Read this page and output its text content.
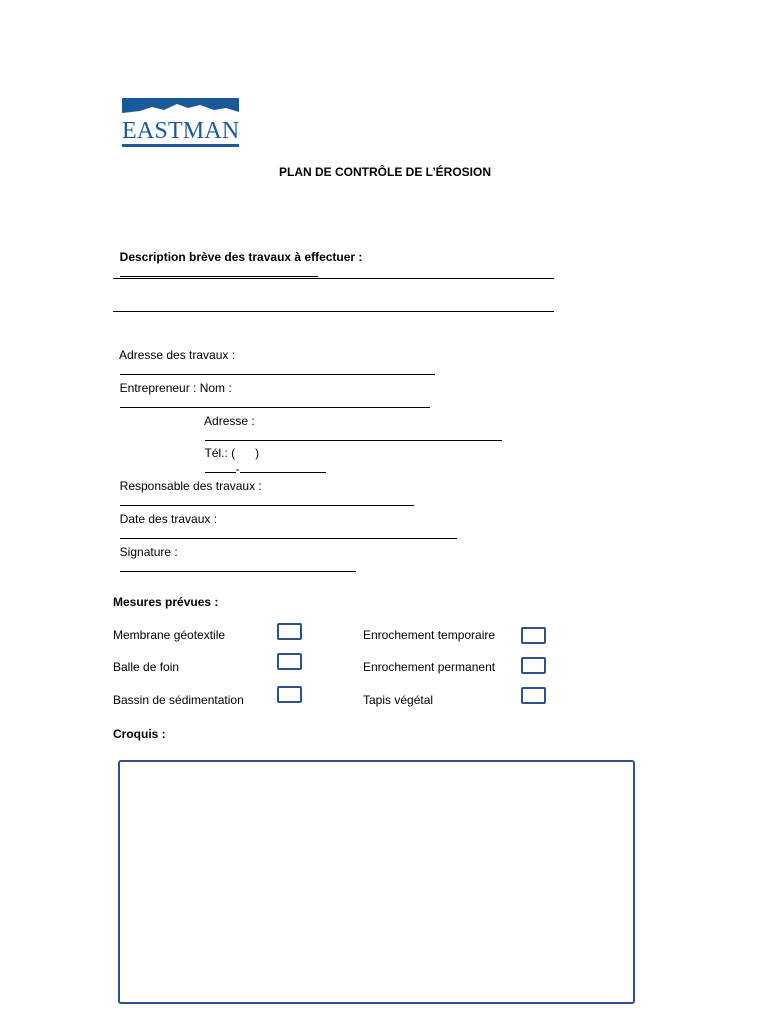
EASTMAN
PLAN DE CONTRÔLE DE L’ÉROSION

Description brève des travaux à effectuer :

Adresse des travaux :

Entrepreneur : Nom :

Adresse :

Tél.: ( )
-

Responsable des travaux :

Date des travaux :

Signature :

Mesures prévues :
Membrane géotextile	Enrochement temporaire
Balle de foin	Enrochement permanent
Bassin de sédimentation	Tapis végétal
Croquis :
